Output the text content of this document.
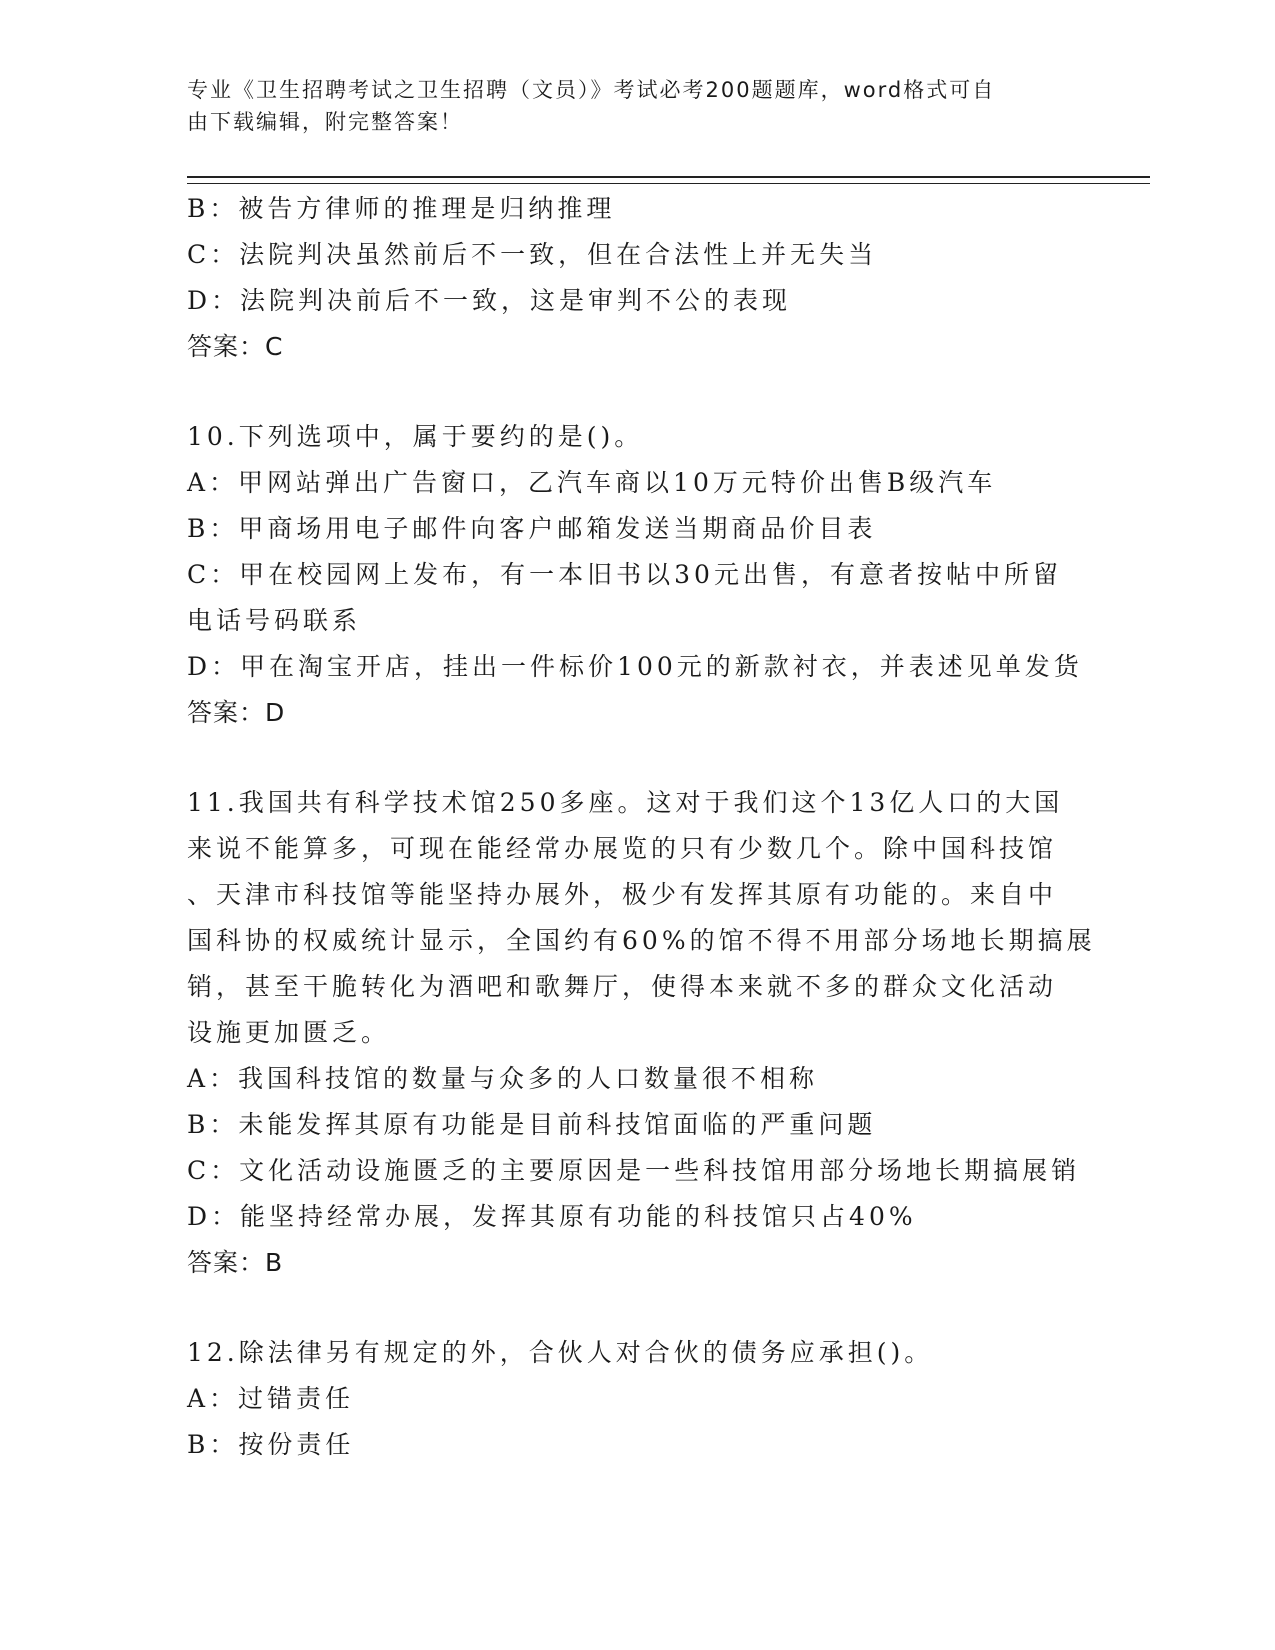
专业《卫生招聘考试之卫生招聘（文员）》考试必考200题题库，word格式可自
由下载编辑，附完整答案！
B：被告方律师的推理是归纳推理
C：法院判决虽然前后不一致，但在合法性上并无失当
D：法院判决前后不一致，这是审判不公的表现
答案：C
10.下列选项中，属于要约的是()。
A：甲网站弹出广告窗口，乙汽车商以10万元特价出售B级汽车
B：甲商场用电子邮件向客户邮箱发送当期商品价目表
C：甲在校园网上发布，有一本旧书以30元出售，有意者按帖中所留
电话号码联系
D：甲在淘宝开店，挂出一件标价100元的新款衬衣，并表述见单发货
答案：D
11.我国共有科学技术馆250多座。这对于我们这个13亿人口的大国
来说不能算多，可现在能经常办展览的只有少数几个。除中国科技馆
、天津市科技馆等能坚持办展外，极少有发挥其原有功能的。来自中
国科协的权威统计显示，全国约有60%的馆不得不用部分场地长期搞展
销，甚至干脆转化为酒吧和歌舞厅，使得本来就不多的群众文化活动
设施更加匮乏。
A：我国科技馆的数量与众多的人口数量很不相称
B：未能发挥其原有功能是目前科技馆面临的严重问题
C：文化活动设施匮乏的主要原因是一些科技馆用部分场地长期搞展销
D：能坚持经常办展，发挥其原有功能的科技馆只占40%
答案：B
12.除法律另有规定的外，合伙人对合伙的债务应承担()。
A：过错责任
B：按份责任
